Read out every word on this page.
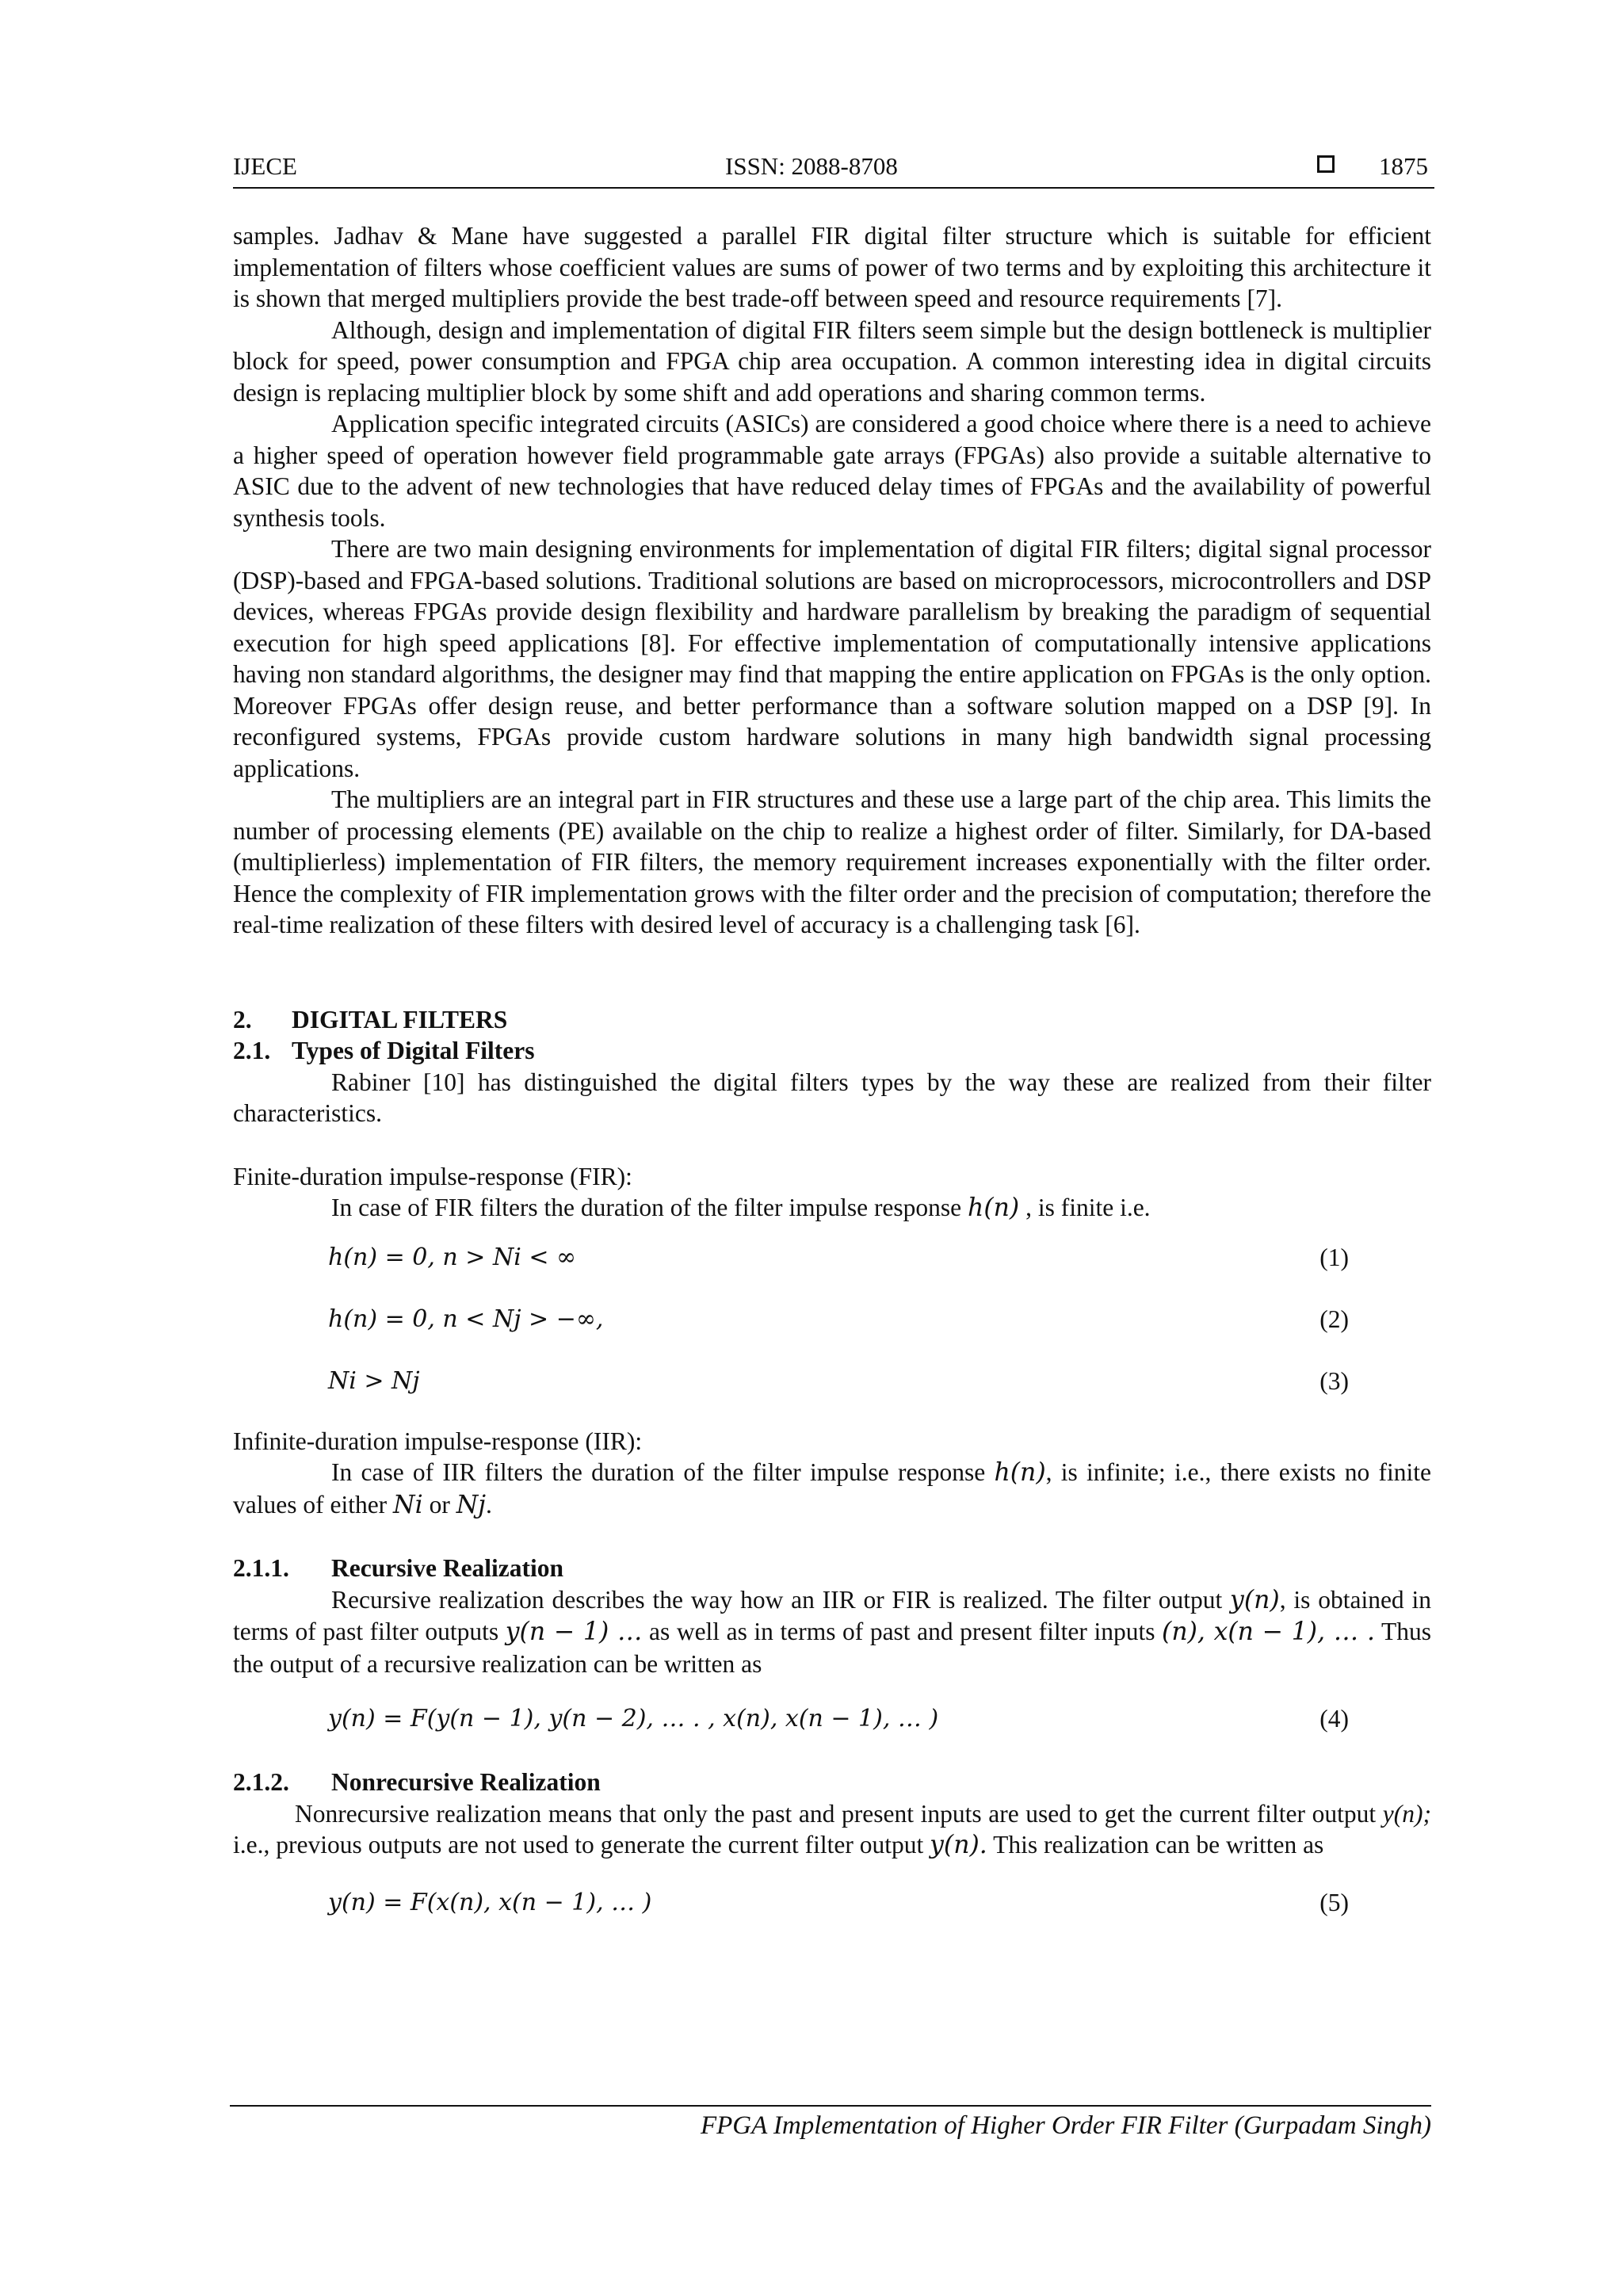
IJECE	ISSN: 2088-8708	1875

samples. Jadhav & Mane have suggested a parallel FIR digital filter structure which is suitable for efficient implementation of filters whose coefficient values are sums of power of two terms and by exploiting this architecture it is shown that merged multipliers provide the best trade-off between speed and resource requirements [7].

Although, design and implementation of digital FIR filters seem simple but the design bottleneck is multiplier block for speed, power consumption and FPGA chip area occupation. A common interesting idea in digital circuits design is replacing multiplier block by some shift and add operations and sharing common terms.

Application specific integrated circuits (ASICs) are considered a good choice where there is a need to achieve a higher speed of operation however field programmable gate arrays (FPGAs) also provide a suitable alternative to ASIC due to the advent of new technologies that have reduced delay times of FPGAs and the availability of powerful synthesis tools.

There are two main designing environments for implementation of digital FIR filters; digital signal processor (DSP)-based and FPGA-based solutions. Traditional solutions are based on microprocessors, microcontrollers and DSP devices, whereas FPGAs provide design flexibility and hardware parallelism by breaking the paradigm of sequential execution for high speed applications [8]. For effective implementation of computationally intensive applications having non standard algorithms, the designer may find that mapping the entire application on FPGAs is the only option. Moreover FPGAs offer design reuse, and better performance than a software solution mapped on a DSP [9]. In reconfigured systems, FPGAs provide custom hardware solutions in many high bandwidth signal processing applications.

The multipliers are an integral part in FIR structures and these use a large part of the chip area. This limits the number of processing elements (PE) available on the chip to realize a highest order of filter. Similarly, for DA-based (multiplierless) implementation of FIR filters, the memory requirement increases exponentially with the filter order. Hence the complexity of FIR implementation grows with the filter order and the precision of computation; therefore the real-time realization of these filters with desired level of accuracy is a challenging task [6].

2. DIGITAL FILTERS

2.1. Types of Digital Filters

Rabiner [10] has distinguished the digital filters types by the way these are realized from their filter characteristics.

Finite-duration impulse-response (FIR):

In case of FIR filters the duration of the filter impulse response h(n) , is finite i.e.

h(n) = 0, n > Ni < ∞	(1)
h(n) = 0, n < Nj > −∞,	(2)
Ni > Nj	(3)

Infinite-duration impulse-response (IIR):

In case of IIR filters the duration of the filter impulse response h(n), is infinite; i.e., there exists no finite values of either Ni or Nj.

2.1.1. Recursive Realization

Recursive realization describes the way how an IIR or FIR is realized. The filter output y(n), is obtained in terms of past filter outputs y(n − 1) … as well as in terms of past and present filter inputs (n), x(n − 1), … . Thus the output of a recursive realization can be written as

y(n) = F(y(n − 1), y(n − 2), … . , x(n), x(n − 1), … )	(4)

2.1.2. Nonrecursive Realization

Nonrecursive realization means that only the past and present inputs are used to get the current filter output y(n); i.e., previous outputs are not used to generate the current filter output y(n). This realization can be written as

y(n) = F(x(n), x(n − 1), … )	(5)
FPGA Implementation of Higher Order FIR Filter (Gurpadam Singh)
